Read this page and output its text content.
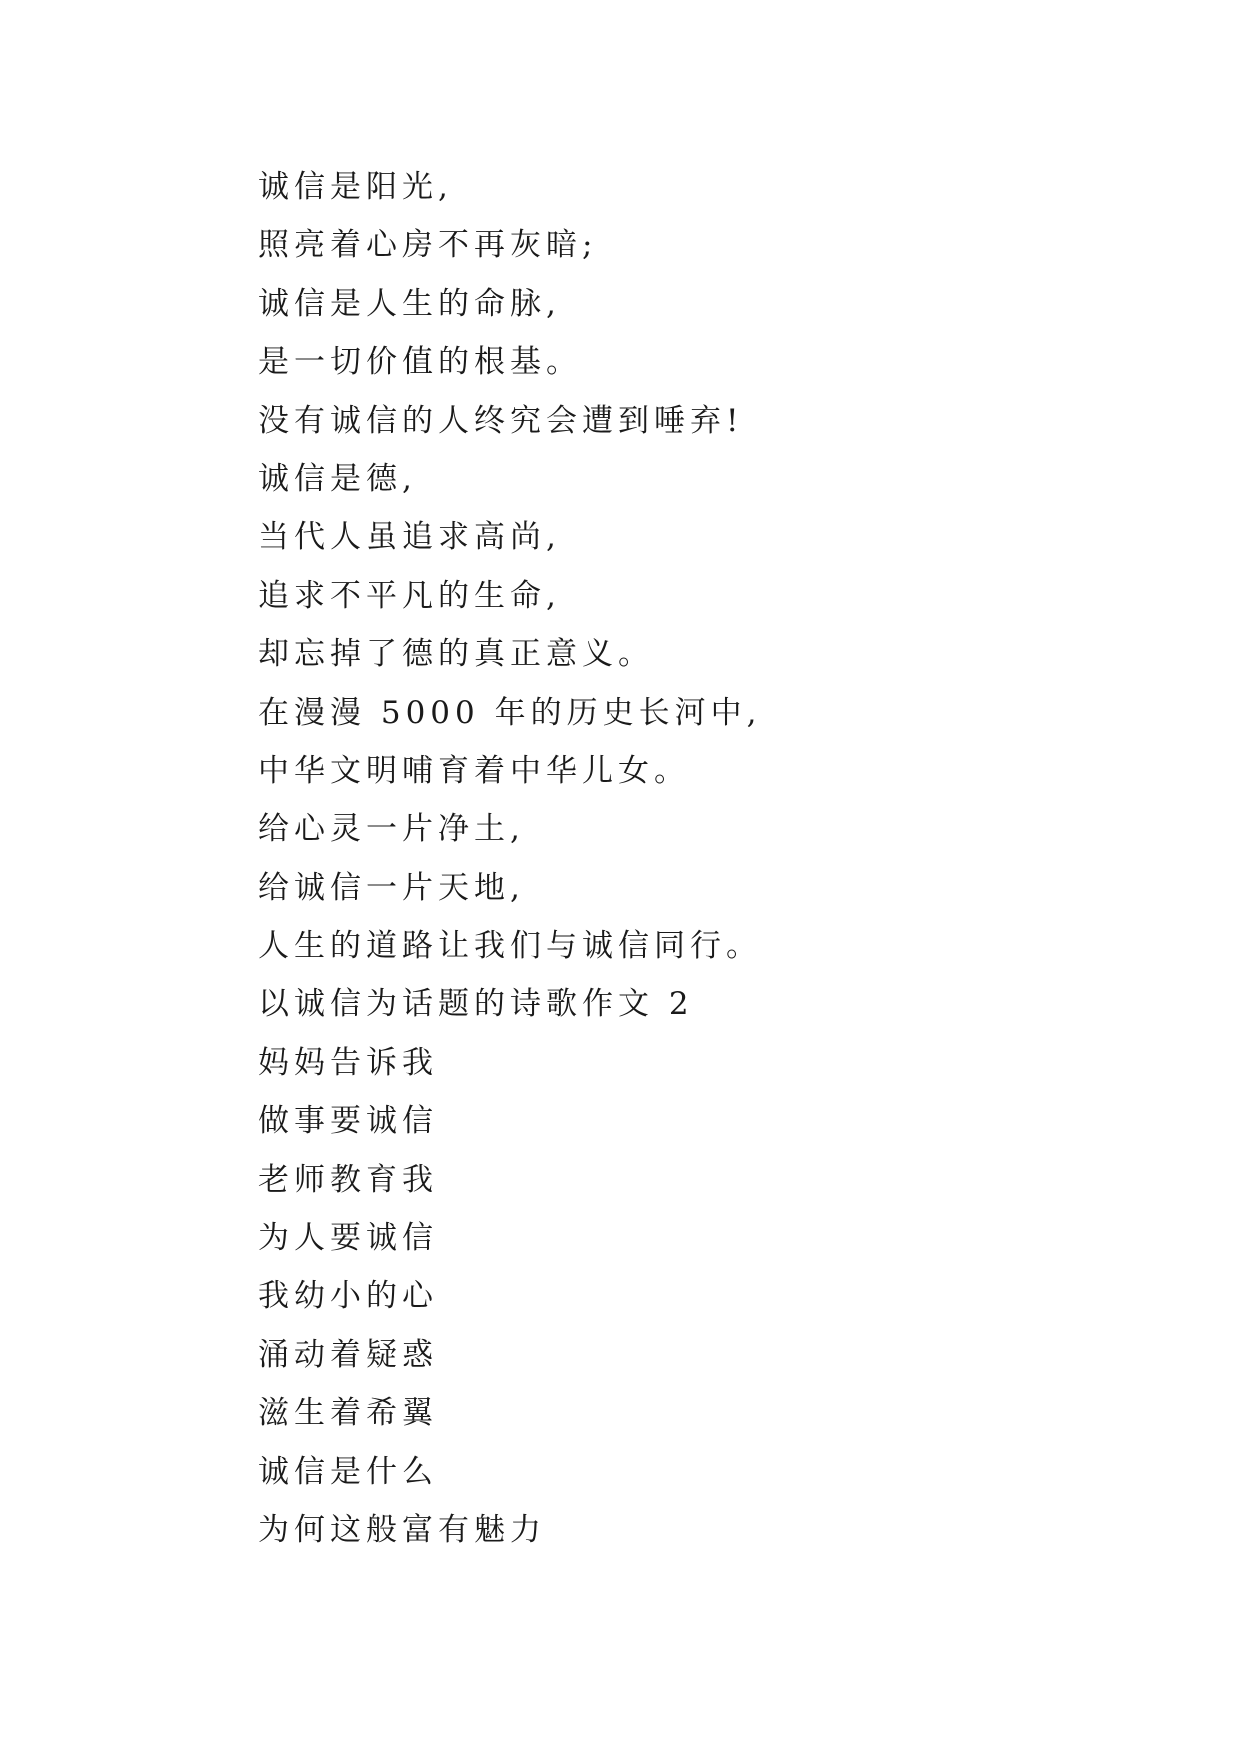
诚信是阳光,
照亮着心房不再灰暗;
诚信是人生的命脉,
是一切价值的根基。
没有诚信的人终究会遭到唾弃!
诚信是德,
当代人虽追求高尚,
追求不平凡的生命,
却忘掉了德的真正意义。
在漫漫 5000 年的历史长河中,
中华文明哺育着中华儿女。
给心灵一片净土,
给诚信一片天地,
人生的道路让我们与诚信同行。
以诚信为话题的诗歌作文 2
妈妈告诉我
做事要诚信
老师教育我
为人要诚信
我幼小的心
涌动着疑惑
滋生着希翼
诚信是什么
为何这般富有魅力
